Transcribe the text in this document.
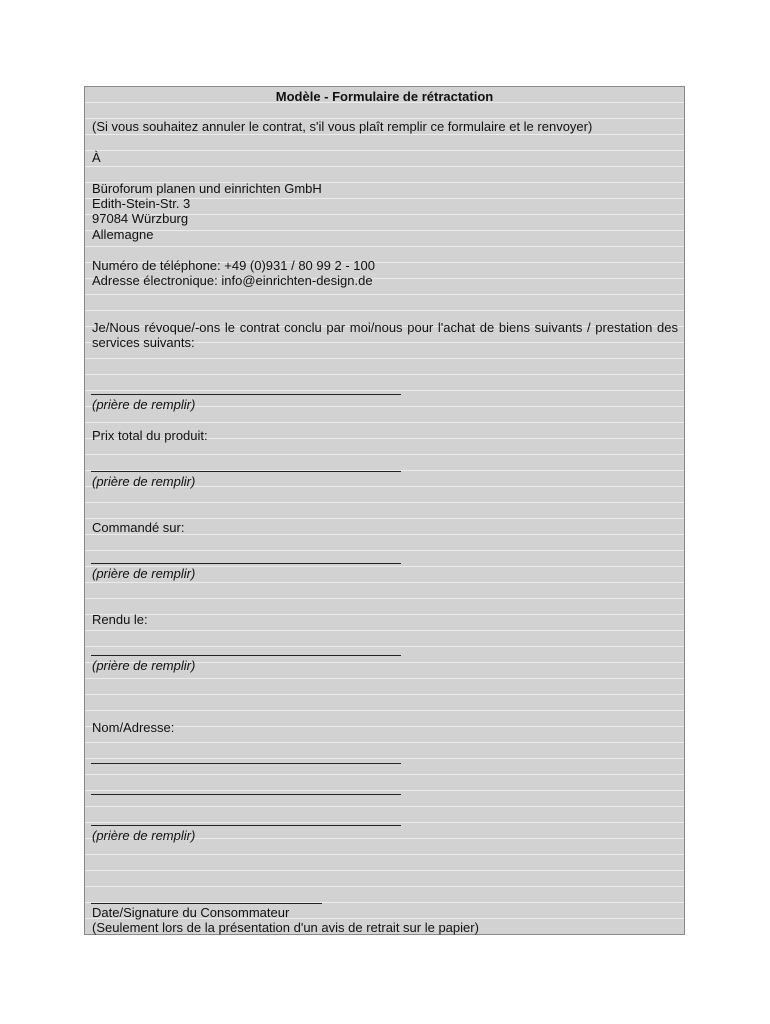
Modèle - Formulaire de rétractation
(Si vous souhaitez annuler le contrat, s'il vous plaît remplir ce formulaire et le renvoyer)
À
Büroforum planen und einrichten GmbH
Edith-Stein-Str. 3
97084 Würzburg
Allemagne
Numéro de téléphone: +49 (0)931 / 80 99 2 - 100
Adresse électronique: info@einrichten-design.de
Je/Nous révoque/-ons le contrat conclu par moi/nous pour l'achat de biens suivants / prestation des services suivants:
(prière de remplir)
Prix total du produit:
(prière de remplir)
Commandé sur:
(prière de remplir)
Rendu le:
(prière de remplir)
Nom/Adresse:
(prière de remplir)
Date/Signature du Consommateur
(Seulement lors de la présentation d'un avis de retrait sur le papier)
